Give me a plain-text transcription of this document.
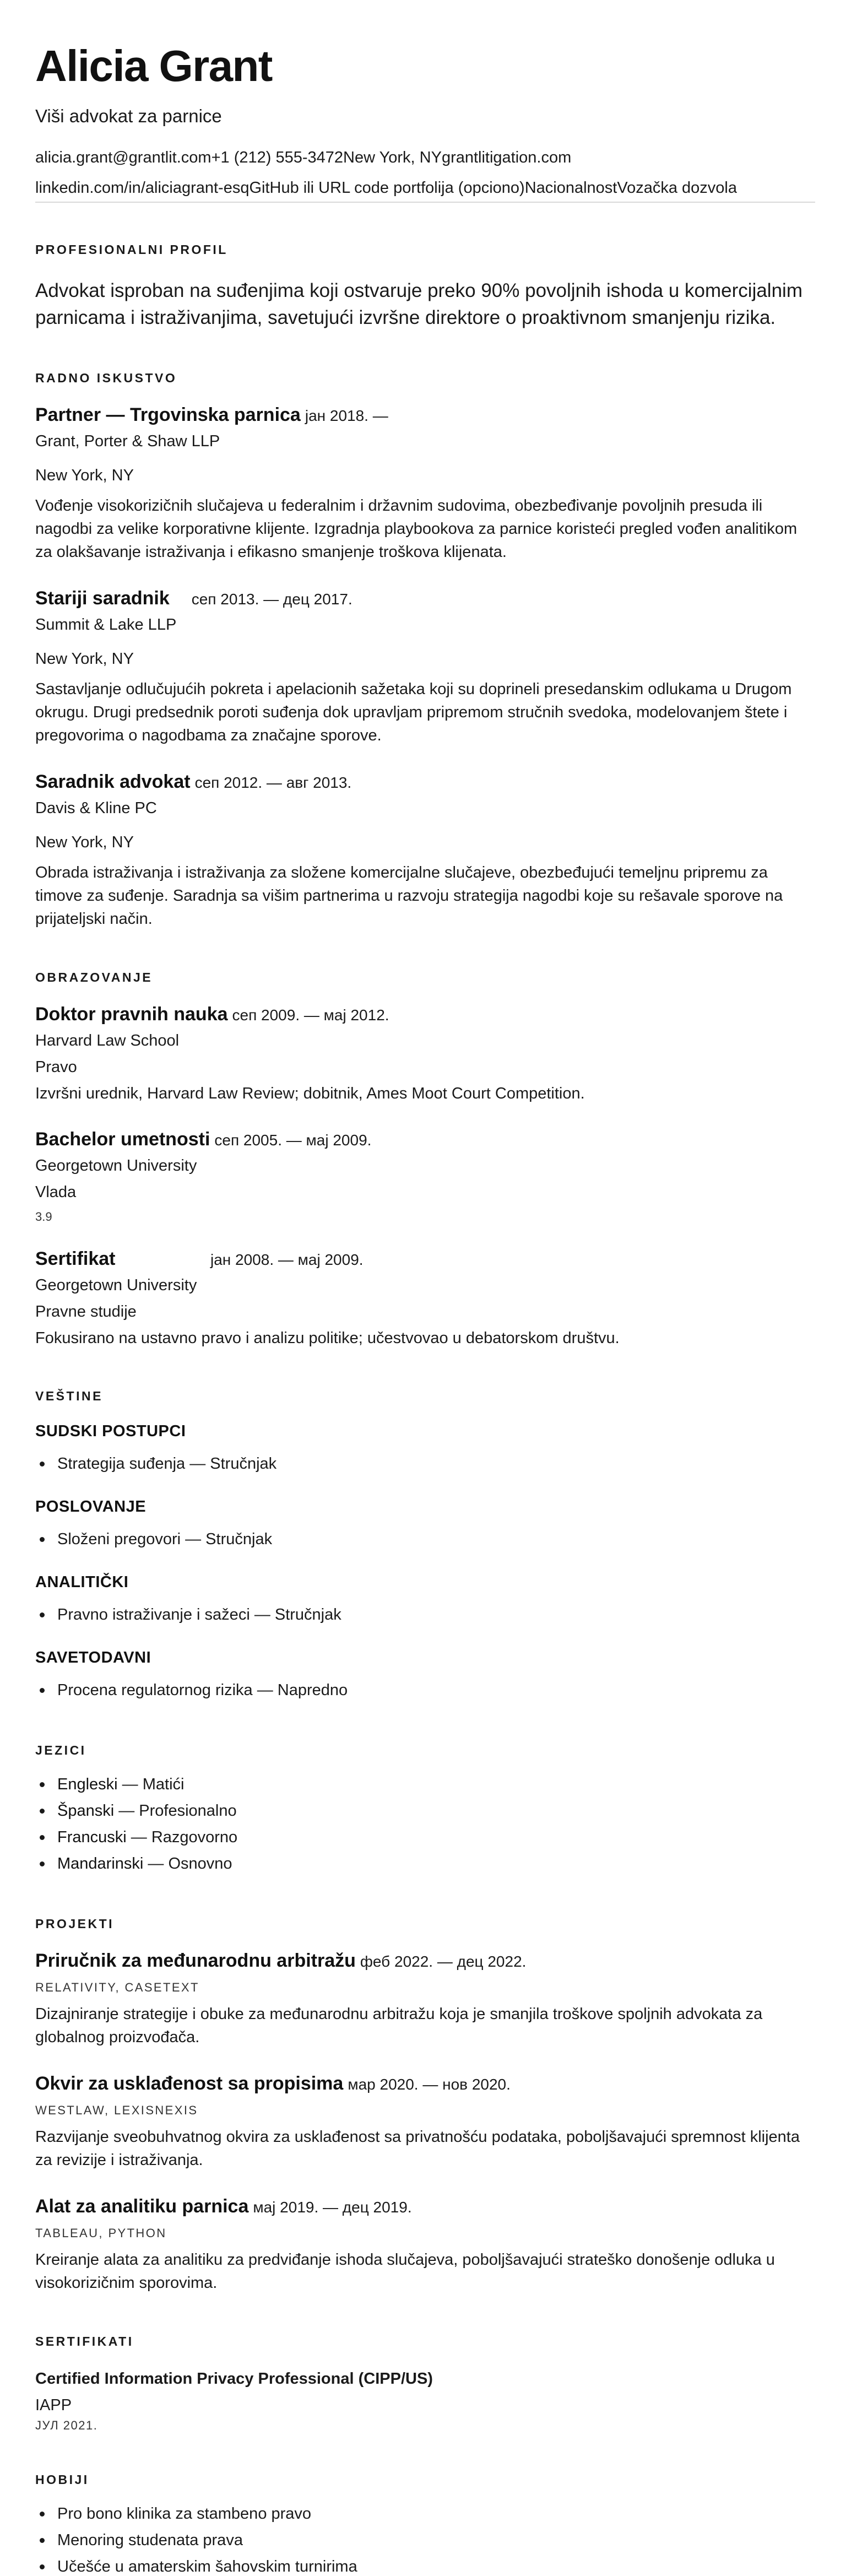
Alicia Grant
Viši advokat za parnice
alicia.grant@grantlit.com +1 (212) 555-3472 New York, NY grantlitigation.com
linkedin.com/in/aliciagrant-esq GitHub ili URL code portfolija (opciono) Nacionalnost Vozačka dozvola
PROFESIONALNI PROFIL

Advokat isproban na suđenjima koji ostvaruje preko 90% povoljnih ishoda u komercijalnim parnicama i istraživanjima, savetujući izvršne direktore o proaktivnom smanjenju rizika.

RADNO ISKUSTVO
Partner — Trgovinska parnica јан 2018. —
Grant, Porter & Shaw LLP
New York, NY

Vođenje visokorizičnih slučajeva u federalnim i državnim sudovima, obezbeđivanje povoljnih presuda ili nagodbi za velike korporativne klijente. Izgradnja playbookova za parnice koristeći pregled vođen analitikom za olakšavanje istraživanja i efikasno smanjenje troškova klijenata.

Stariji saradnik сеп 2013. — дец 2017.
Summit & Lake LLP
New York, NY

Sastavljanje odlučujućih pokreta i apelacionih sažetaka koji su doprineli presedanskim odlukama u Drugom okrugu. Drugi predsednik poroti suđenja dok upravljam pripremom stručnih svedoka, modelovanjem štete i pregovorima o nagodbama za značajne sporove.

Saradnik advokat сеп 2012. — авг 2013.
Davis & Kline PC
New York, NY

Obrada istraživanja i istraživanja za složene komercijalne slučajeve, obezbeđujući temeljnu pripremu za timove za suđenje. Saradnja sa višim partnerima u razvoju strategija nagodbi koje su rešavale sporove na prijateljski način.

OBRAZOVANJE
Doktor pravnih nauka сеп 2009. — мај 2012.
Harvard Law School
Pravo
Izvršni urednik, Harvard Law Review; dobitnik, Ames Moot Court Competition.
Bachelor umetnosti сеп 2005. — мај 2009.
Georgetown University
Vlada
3.9
Sertifikat	јан 2008. — мај 2009.
Georgetown University
Pravne studije
Fokusirano na ustavno pravo i analizu politike; učestvovao u debatorskom društvu.
VEŠTINE
SUDSKI POSTUPCI
Strategija suđenja — Stručnjak
POSLOVANJE
Složeni pregovori — Stručnjak
ANALITIČKI
Pravno istraživanje i sažeci — Stručnjak
SAVETODAVNI
Procena regulatornog rizika — Napredno
JEZICI
Engleski — Matići
Španski — Profesionalno
Francuski — Razgovorno
Mandarinski — Osnovno
PROJEKTI
Priručnik za međunarodnu arbitražu феб 2022. — дец 2022.
RELATIVITY, CASETEXT

Dizajniranje strategije i obuke za međunarodnu arbitražu koja je smanjila troškove spoljnih advokata za globalnog proizvođača.

Okvir za usklađenost sa propisima мар 2020. — нов 2020.
WESTLAW, LEXISNEXIS

Razvijanje sveobuhvatnog okvira za usklađenost sa privatnošću podataka, poboljšavajući spremnost klijenta za revizije i istraživanja.

Alat za analitiku parnica мај 2019. — дец 2019.
TABLEAU, PYTHON

Kreiranje alata za analitiku za predviđanje ishoda slučajeva, poboljšavajući strateško donošenje odluka u visokorizičnim sporovima.

SERTIFIKATI
Certified Information Privacy Professional (CIPP/US)
IAPP
ЈУЛ 2021.
HOBIJI
Pro bono klinika za stambeno pravo
Menoring studenata prava
Učešće u amaterskim šahovskim turnirima
